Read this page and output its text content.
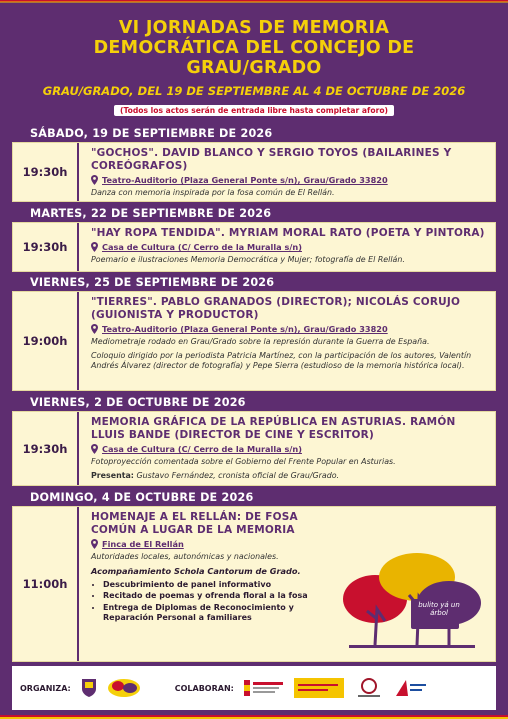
VI JORNADAS DE MEMORIA
DEMOCRÁTICA DEL CONCEJO DE
GRAU/GRADO
GRAU/GRADO, DEL 19 DE SEPTIEMBRE AL 4 DE OCTUBRE DE 2026
(Todos los actos serán de entrada libre hasta completar aforo)
SÁBADO, 19 DE SEPTIEMBRE DE 2026
19:30h
"GOCHOS". DAVID BLANCO Y SERGIO TOYOS (BAILARINES Y COREÓGRAFOS)
Teatro-Auditorio (Plaza General Ponte s/n), Grau/Grado 33820
Danza con memoria inspirada por la fosa común de El Rellán.
MARTES, 22 DE SEPTIEMBRE DE 2026
19:30h
"HAY ROPA TENDIDA". MYRIAM MORAL RATO (POETA Y PINTORA)
Casa de Cultura (C/ Cerro de la Muralla s/n)
Poemario e ilustraciones Memoria Democrática y Mujer; fotografía de El Rellán.
VIERNES, 25 DE SEPTIEMBRE DE 2026
19:00h
"TIERRES". PABLO GRANADOS (DIRECTOR); NICOLÁS CORUJO (GUIONISTA Y PRODUCTOR)
Teatro-Auditorio (Plaza General Ponte s/n), Grau/Grado 33820
Mediometraje rodado en Grau/Grado sobre la represión durante la Guerra de España.
Coloquio dirigido por la periodista Patricia Martínez, con la participación de los autores, Valentín Andrés Álvarez (director de fotografía) y Pepe Sierra (estudioso de la memoria histórica local).
VIERNES, 2 DE OCTUBRE DE 2026
19:30h
MEMORIA GRÁFICA DE LA REPÚBLICA EN ASTURIAS. RAMÓN LLUIS BANDE (DIRECTOR DE CINE Y ESCRITOR)
Casa de Cultura (C/ Cerro de la Muralla s/n)
Fotoproyección comentada sobre el Gobierno del Frente Popular en Asturias.
Presenta: Gustavo Fernández, cronista oficial de Grau/Grado.
DOMINGO, 4 DE OCTUBRE DE 2026
11:00h
HOMENAJE A EL RELLÁN: DE FOSA COMÚN A LUGAR DE LA MEMORIA
Finca de El Rellán
Autoridades locales, autonómicas y nacionales.
Acompañamiento Schola Cantorum de Grado.
• Descubrimiento de panel informativo
• Recitado de poemas y ofrenda floral a la fosa
• Entrega de Diplomas de Reconocimiento y Reparación Personal a familiares
bulito yá un árbol
ORGANIZA:	COLABORAN:
